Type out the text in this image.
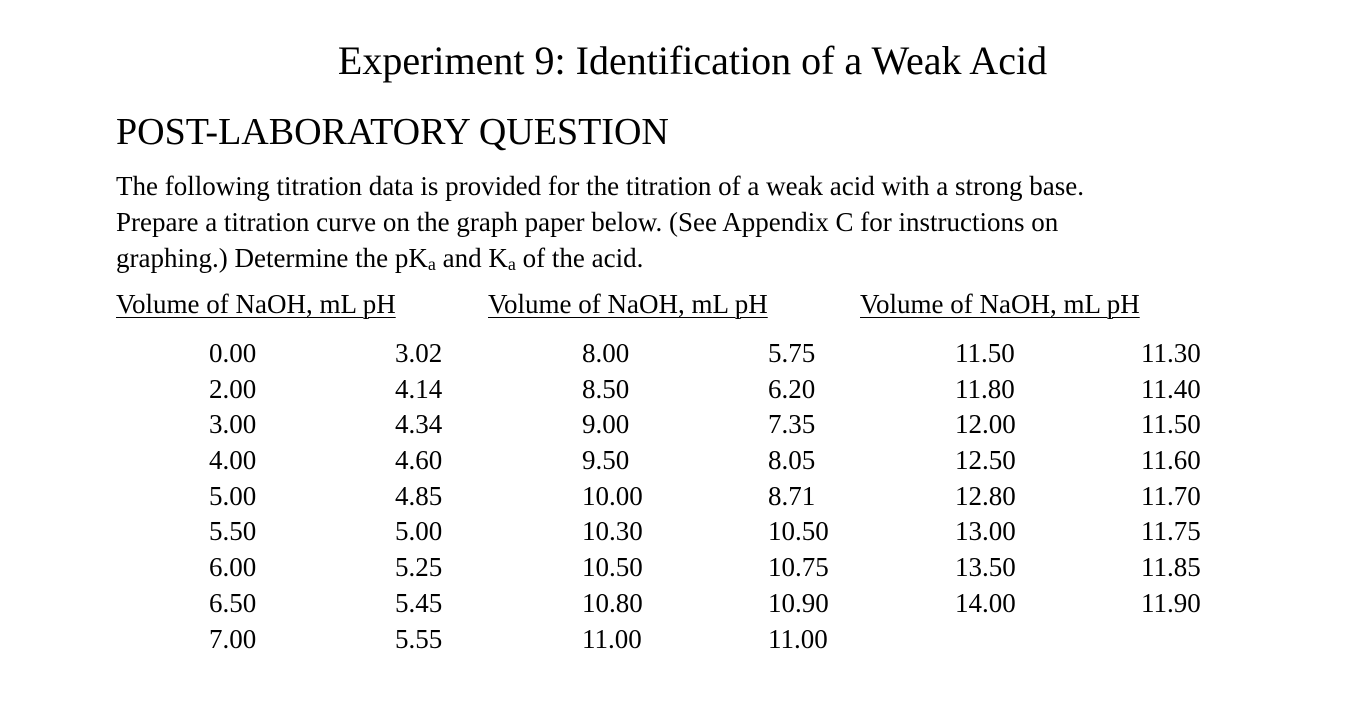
Experiment 9: Identification of a Weak Acid
POST-LABORATORY QUESTION
The following titration data is provided for the titration of a weak acid with a strong base.
Prepare a titration curve on the graph paper below. (See Appendix C for instructions on
graphing.) Determine the $pK_a$ and $K_a$ of the acid.
Volume of NaOH, mL pH	Volume of NaOH, mL pH	Volume of NaOH, mL pH
0.00
2.00
3.00
4.00
5.00
5.50
6.00
6.50
7.00
3.02
4.14
4.34
4.60
4.85
5.00
5.25
5.45
5.55
8.00
8.50
9.00
9.50
10.00
10.30
10.50
10.80
11.00
5.75
6.20
7.35
8.05
8.71
10.50
10.75
10.90
11.00
11.50
11.80
12.00
12.50
12.80
13.00
13.50
14.00
11.30
11.40
11.50
11.60
11.70
11.75
11.85
11.90
